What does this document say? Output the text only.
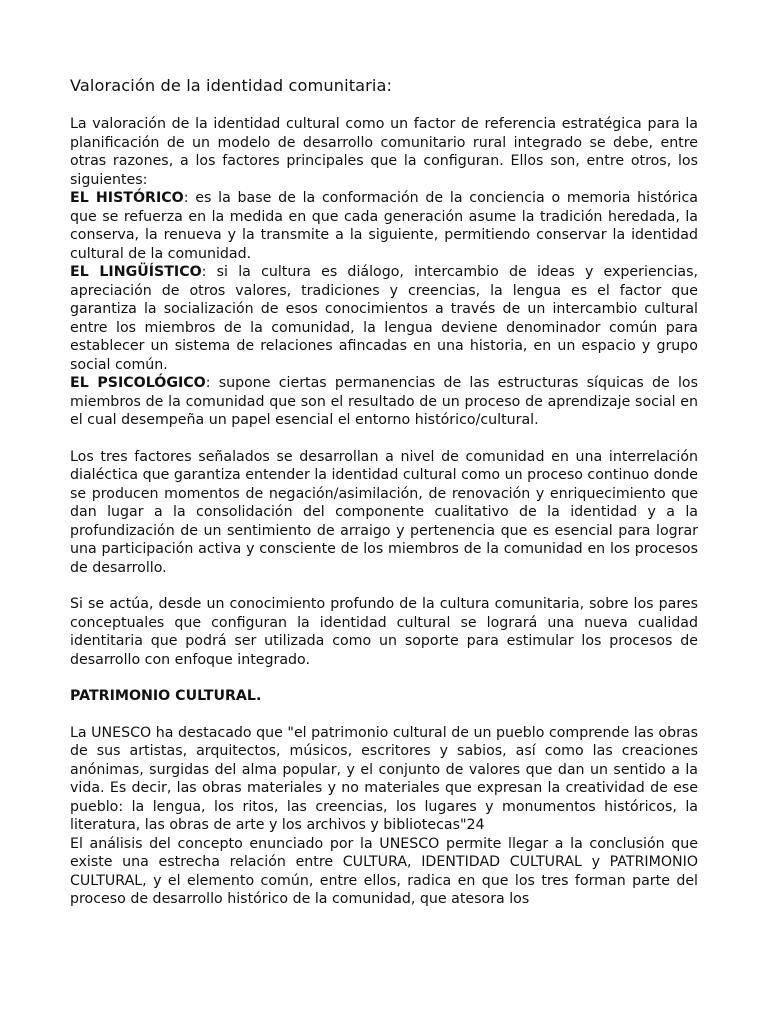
Valoración de la identidad comunitaria:

La valoración de la identidad cultural como un factor de referencia estratégica para la planificación de un modelo de desarrollo comunitario rural integrado se debe, entre otras razones, a los factores principales que la configuran. Ellos son, entre otros, los siguientes:

EL HISTÓRICO: es la base de la conformación de la conciencia o memoria histórica que se refuerza en la medida en que cada generación asume la tradición heredada, la conserva, la renueva y la transmite a la siguiente, permitiendo conservar la identidad cultural de la comunidad.

EL LINGÜÍSTICO: si la cultura es diálogo, intercambio de ideas y experiencias, apreciación de otros valores, tradiciones y creencias, la lengua es el factor que garantiza la socialización de esos conocimientos a través de un intercambio cultural entre los miembros de la comunidad, la lengua deviene denominador común para establecer un sistema de relaciones afincadas en una historia, en un espacio y grupo social común.

EL PSICOLÓGICO: supone ciertas permanencias de las estructuras síquicas de los miembros de la comunidad que son el resultado de un proceso de aprendizaje social en el cual desempeña un papel esencial el entorno histórico/cultural.

Los tres factores señalados se desarrollan a nivel de comunidad en una interrelación dialéctica que garantiza entender la identidad cultural como un proceso continuo donde se producen momentos de negación/asimilación, de renovación y enriquecimiento que dan lugar a la consolidación del componente cualitativo de la identidad y a la profundización de un sentimiento de arraigo y pertenencia que es esencial para lograr una participación activa y consciente de los miembros de la comunidad en los procesos de desarrollo.

Si se actúa, desde un conocimiento profundo de la cultura comunitaria, sobre los pares conceptuales que configuran la identidad cultural se logrará una nueva cualidad identitaria que podrá ser utilizada como un soporte para estimular los procesos de desarrollo con enfoque integrado.

PATRIMONIO CULTURAL.

La UNESCO ha destacado que "el patrimonio cultural de un pueblo comprende las obras de sus artistas, arquitectos, músicos, escritores y sabios, así como las creaciones anónimas, surgidas del alma popular, y el conjunto de valores que dan un sentido a la vida. Es decir, las obras materiales y no materiales que expresan la creatividad de ese pueblo: la lengua, los ritos, las creencias, los lugares y monumentos históricos, la literatura, las obras de arte y los archivos y bibliotecas"24

El análisis del concepto enunciado por la UNESCO permite llegar a la conclusión que existe una estrecha relación entre CULTURA, IDENTIDAD CULTURAL y PATRIMONIO CULTURAL, y el elemento común, entre ellos, radica en que los tres forman parte del proceso de desarrollo histórico de la comunidad, que atesora los
